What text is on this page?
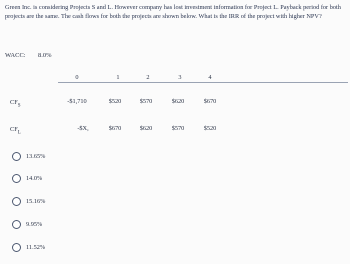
Green Inc. is considering Projects S and L. However company has lost investment information for Project L. Payback period for both projects are the same. The cash flows for both the projects are shown below. What is the IRR of the project with higher NPV?
WACC: 8.0%
0	1	2	3	4
$CF_S$
-$1,710	$520	$570	$620	$670
$CF_L$
-$X,	$670	$620	$570	$520
13.65%
14.0%
15.16%
9.95%
11.52%
